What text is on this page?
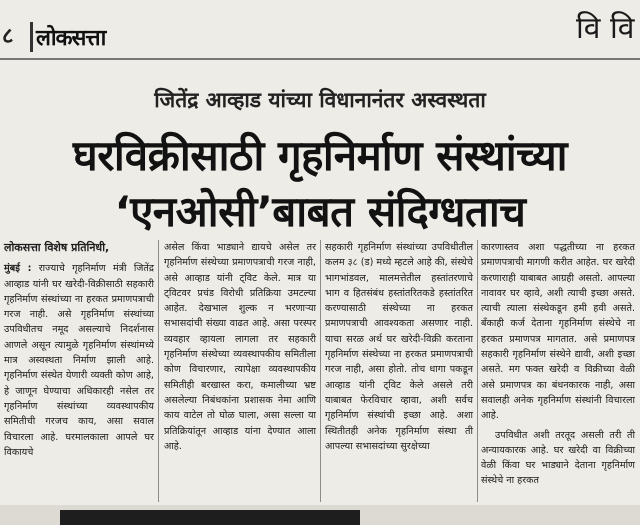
८ लोकसत्ता	वि वि
जितेंद्र आव्हाड यांच्या विधानानंतर अस्वस्थता
घरविक्रीसाठी गृहनिर्माण संस्थांच्या
‘एनओसी’बाबत संदिग्धताच

लोकसत्ता विशेष प्रतिनिधी,

मुंबई : राज्याचे गृहनिर्माण मंत्री जितेंद्र आव्हाड यांनी घर खरेदी-विक्रीसाठी सहकारी गृहनिर्माण संस्थांच्या ना हरकत प्रमाणपत्राची गरज नाही. असे गृहनिर्माण संस्थांच्या उपविधीतच नमूद असल्याचे निदर्शनास आणले असून त्यामुळे गृहनिर्माण संस्थांमध्ये मात्र अस्वस्थता निर्माण झाली आहे. गृहनिर्माण संस्थेत येणारी व्यक्ती कोण आहे, हे जाणून घेण्याचा अधिकारही नसेल तर गृहनिर्माण संस्थांच्या व्यवस्थापकीय समितीची गरजच काय, असा सवाल विचारला आहे. घरमालकाला आपले घर विकायचे

असेल किंवा भाड्याने द्यायचे असेल तर गृहनिर्माण संस्थेच्या प्रमाणपत्राची गरज नाही, असे आव्हाड यांनी ट्विट केले. मात्र या ट्विटवर प्रचंड विरोधी प्रतिक्रिया उमटल्या आहेत. देखभाल शुल्क न भरणाऱ्या सभासदांची संख्या वाढत आहे. असा परस्पर व्यवहार व्हायला लागला तर सहकारी गृहनिर्माण संस्थेच्या व्यवस्थापकीय समितीला कोण विचारणार, त्यापेक्षा व्यवस्थापकीय समितीही बरखास्त करा, कमालीच्या भ्रष्ट असलेल्या निबंधकांना प्रशासक नेमा आणि काय वाटेल तो घोळ घाला, असा सल्ला या प्रतिक्रियांतून आव्हाड यांना देण्यात आला आहे.

सहकारी गृहनिर्माण संस्थांच्या उपविधीतील कलम ३८ (ड) मध्ये म्हटले आहे की, संस्थेचे भागभांडवल, मालमत्तेतील हस्तांतरणाचे भाग व हितसंबंध हस्तांतरितकडे हस्तांतरित करण्यासाठी संस्थेच्या ना हरकत प्रमाणपत्राची आवश्यकता असणार नाही. याचा सरळ अर्थ घर खरेदी-विक्री करताना गृहनिर्माण संस्थेच्या ना हरकत प्रमाणपत्राची गरज नाही, असा होतो. तोच धागा पकडून आव्हाड यांनी ट्विट केले असले तरी याबाबत फेरविचार व्हावा, अशी सर्वच गृहनिर्माण संस्थांची इच्छा आहे. अशा स्थितीतही अनेक गृहनिर्माण संस्था ती आपल्या सभासदांच्या सुरक्षेच्या

कारणास्तव अशा पद्धतीच्या ना हरकत प्रमाणपत्राची मागणी करीत आहेत. घर खरेदी करणाराही याबाबत आग्रही असतो. आपल्या नावावर घर व्हावे, अशी त्याची इच्छा असते. त्याची त्याला संस्थेकडून हमी हवी असते. बँकाही कर्ज देताना गृहनिर्माण संस्थेचे ना हरकत प्रमाणपत्र मागतात. असे प्रमाणपत्र सहकारी गृहनिर्माण संस्थेने द्यावी, अशी इच्छा असते. मग फक्त खरेदी व विक्रीच्या वेळी असे प्रमाणपत्र का बंधनकारक नाही, असा सवालही अनेक गृहनिर्माण संस्थांनी विचारला आहे.

उपविधीत अशी तरतूद असली तरी ती अन्यायकारक आहे. घर खरेदी वा विक्रीच्या वेळी किंवा घर भाड्याने देताना गृहनिर्माण संस्थेचे ना हरकत
